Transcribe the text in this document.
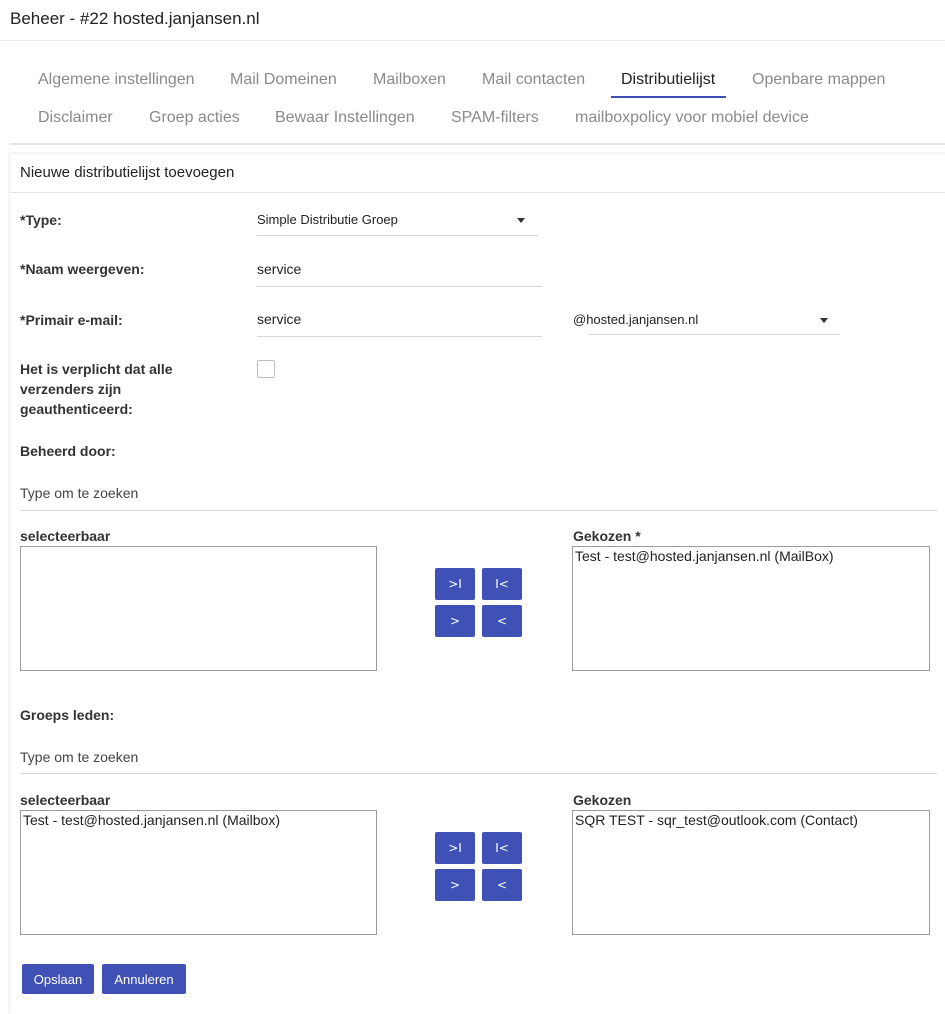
Beheer - #22 hosted.janjansen.nl
Algemene instellingen Mail Domeinen Mailboxen Mail contacten Distributielijst Openbare mappen
Disclaimer Groep acties Bewaar Instellingen SPAM-filters mailboxpolicy voor mobiel device
Nieuwe distributielijst toevoegen
*Type:	Simple Distributie Groep
*Naam weergeven:	service
*Primair e-mail:	service	@hosted.janjansen.nl
Het is verplicht dat alle
verzenders zijn
geauthenticeerd:
Beheerd door:
Type om te zoeken
selecteerbaar
>I	I<
>	<
Gekozen *
Test - test@hosted.janjansen.nl (MailBox)
Groeps leden:
Type om te zoeken
selecteerbaar
Test - test@hosted.janjansen.nl (Mailbox)
>I	I<
>	<
Gekozen
SQR TEST - sqr_test@outlook.com (Contact)
Opslaan	Annuleren
